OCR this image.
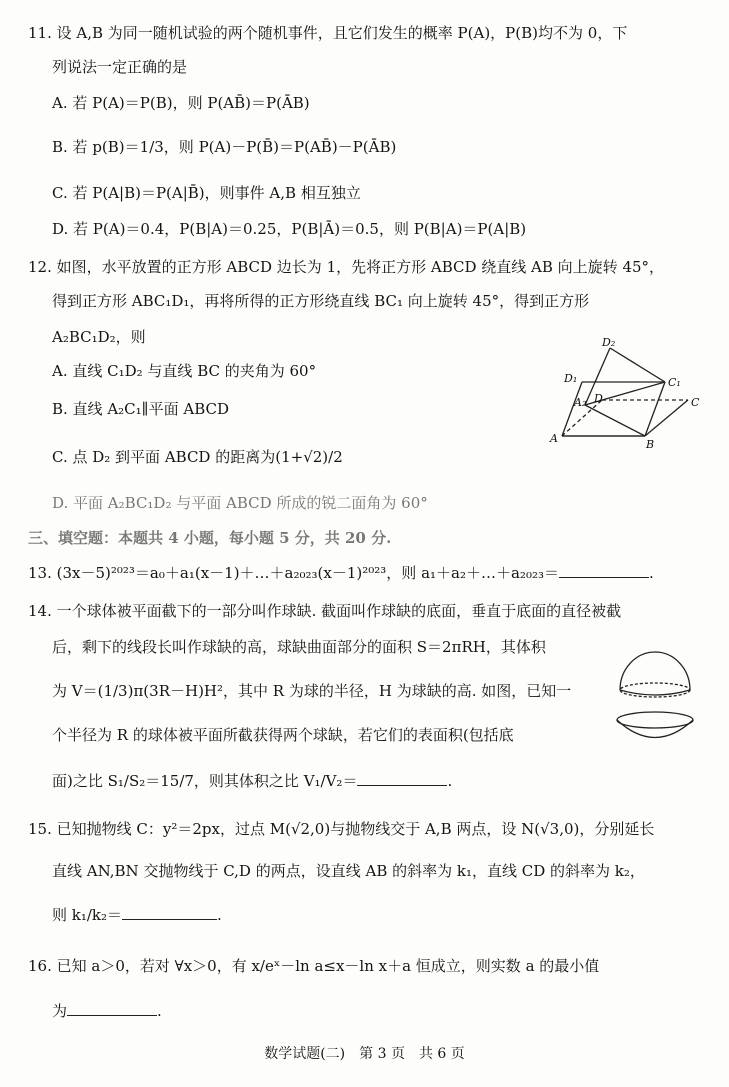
11. 设 A,B 为同一随机试验的两个随机事件，且它们发生的概率 P(A)，P(B)均不为 0，下
列说法一定正确的是
A. 若 P(A)＝P(B)，则 P(AB̄)＝P(ĀB)
B. 若 p(B)＝1/3，则 P(A)－P(B̄)＝P(AB̄)－P(ĀB)
C. 若 P(A|B)＝P(A|B̄)，则事件 A,B 相互独立
D. 若 P(A)＝0.4，P(B|A)＝0.25，P(B|Ā)＝0.5，则 P(B|A)＝P(A|B)
12. 如图，水平放置的正方形 ABCD 边长为 1，先将正方形 ABCD 绕直线 AB 向上旋转 45°，
得到正方形 ABC₁D₁，再将所得的正方形绕直线 BC₁ 向上旋转 45°，得到正方形
A₂BC₁D₂，则
A. 直线 C₁D₂ 与直线 BC 的夹角为 60°
B. 直线 A₂C₁∥平面 ABCD
C. 点 D₂ 到平面 ABCD 的距离为(1+√2)/2
D. 平面 A₂BC₁D₂ 与平面 ABCD 所成的锐二面角为 60°
D₁
D₂
A₂ D
C₁
C
A	B
三、填空题：本题共 4 小题，每小题 5 分，共 20 分.
13. (3x－5)²⁰²³＝a₀＋a₁(x－1)＋…＋a₂₀₂₃(x－1)²⁰²³，则 a₁＋a₂＋…＋a₂₀₂₃＝	.
14. 一个球体被平面截下的一部分叫作球缺. 截面叫作球缺的底面，垂直于底面的直径被截
后，剩下的线段长叫作球缺的高，球缺曲面部分的面积 S＝2πRH，其体积
为 V＝(1/3)π(3R－H)H²，其中 R 为球的半径，H 为球缺的高. 如图，已知一
个半径为 R 的球体被平面所截获得两个球缺，若它们的表面积(包括底
面)之比 S₁/S₂＝15/7，则其体积之比 V₁/V₂＝	.
15. 已知抛物线 C：y²＝2px，过点 M(√2,0)与抛物线交于 A,B 两点，设 N(√3,0)，分别延长
直线 AN,BN 交抛物线于 C,D 的两点，设直线 AB 的斜率为 k₁，直线 CD 的斜率为 k₂，
则 k₁/k₂＝	.
16. 已知 a＞0，若对 ∀x＞0，有 x/eˣ－ln a≤x－ln x＋a 恒成立，则实数 a 的最小值
为	.
数学试题(二)　第 3 页　共 6 页
